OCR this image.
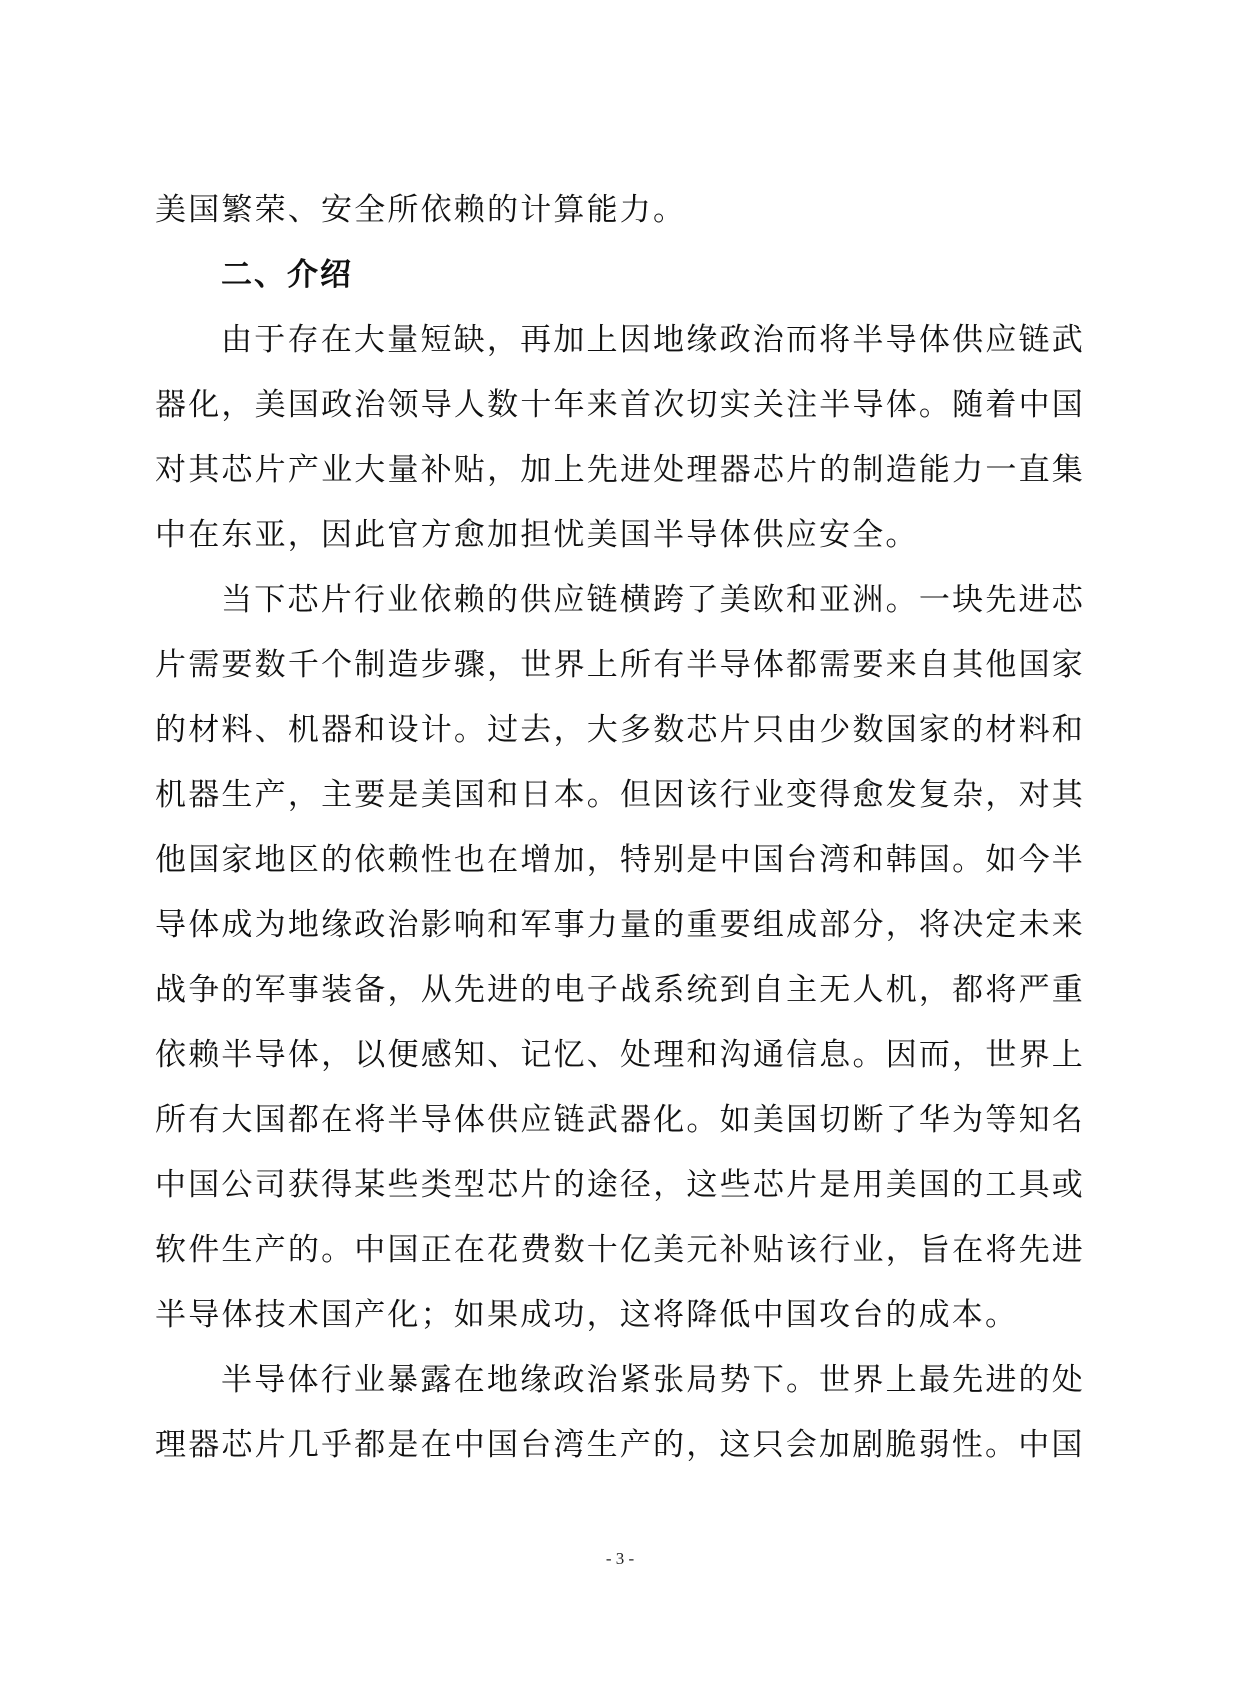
美国繁荣、安全所依赖的计算能力。

二、介绍

由于存在大量短缺，再加上因地缘政治而将半导体供应链武器化，美国政治领导人数十年来首次切实关注半导体。随着中国对其芯片产业大量补贴，加上先进处理器芯片的制造能力一直集中在东亚，因此官方愈加担忧美国半导体供应安全。

当下芯片行业依赖的供应链横跨了美欧和亚洲。一块先进芯片需要数千个制造步骤，世界上所有半导体都需要来自其他国家的材料、机器和设计。过去，大多数芯片只由少数国家的材料和机器生产，主要是美国和日本。但因该行业变得愈发复杂，对其他国家地区的依赖性也在增加，特别是中国台湾和韩国。如今半导体成为地缘政治影响和军事力量的重要组成部分，将决定未来战争的军事装备，从先进的电子战系统到自主无人机，都将严重依赖半导体，以便感知、记忆、处理和沟通信息。因而，世界上所有大国都在将半导体供应链武器化。如美国切断了华为等知名中国公司获得某些类型芯片的途径，这些芯片是用美国的工具或软件生产的。中国正在花费数十亿美元补贴该行业，旨在将先进半导体技术国产化；如果成功，这将降低中国攻台的成本。

半导体行业暴露在地缘政治紧张局势下。世界上最先进的处理器芯片几乎都是在中国台湾生产的，这只会加剧脆弱性。中国

- 3 -
